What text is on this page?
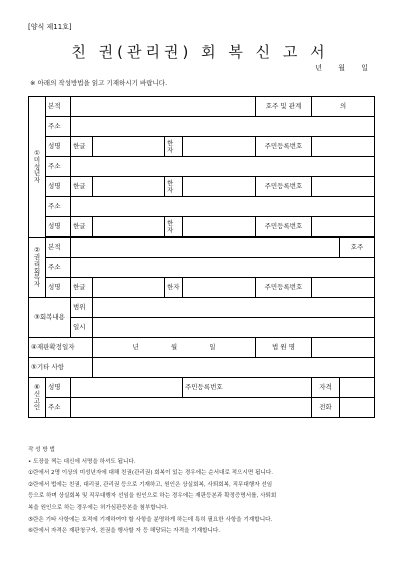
[양식 제11호]
친 권(관리권) 회 복 신 고 서
년 월 일
※ 아래의 작성방법을 읽고 기재하시기 바랍니다.
① 미 성 년 자	본적					호주 및 관계	의	
	주소							
	성명	한글		한 자		주민등록번호		
	주소							
	성명	한글		한 자		주민등록번호		
	주소							
	성명	한글		한 자		주민등록번호		

② 권 리 회 복 자	본적							호주
	주소							
	성명	한글		한자		주민등록번호		
③회복내용		범위						
		일시						
④재판확정일자			년 월 일			법 원 명		
⑤기타 사항								
⑥ 신 고 인	성명				주민등록번호		자격	
	주소						전화	
작 성 방 법
• 도장을 찍는 대신에 서명을 하셔도 됩니다.
①란에서 2명 이상의 미성년자에 대해 친권(관리권) 회복이 있는 경우에는 순서대로 적으시면 됩니다.
②란에서 법에는 친권, 대리권, 관리권 등으로 기재하고, 원인은 상실회복, 사퇴회복, 직무대행자 선임
등으로 하며 상실회복 및 직무대행자 선임을 원인으로 하는 경우에는 재판등본과 확정증명서를, 사퇴회
복을 원인으로 하는 경우에는 허가심판등본을 첨부합니다.
⑤란은 기타 사항에는 호적에 기재하여야 할 사항을 분명하게 하는데 특히 필요한 사항을 기재합니다.
⑥란에서 자격은 재판청구자, 친권을 행사할 자 등 해당되는 자격을 기재합니다.
